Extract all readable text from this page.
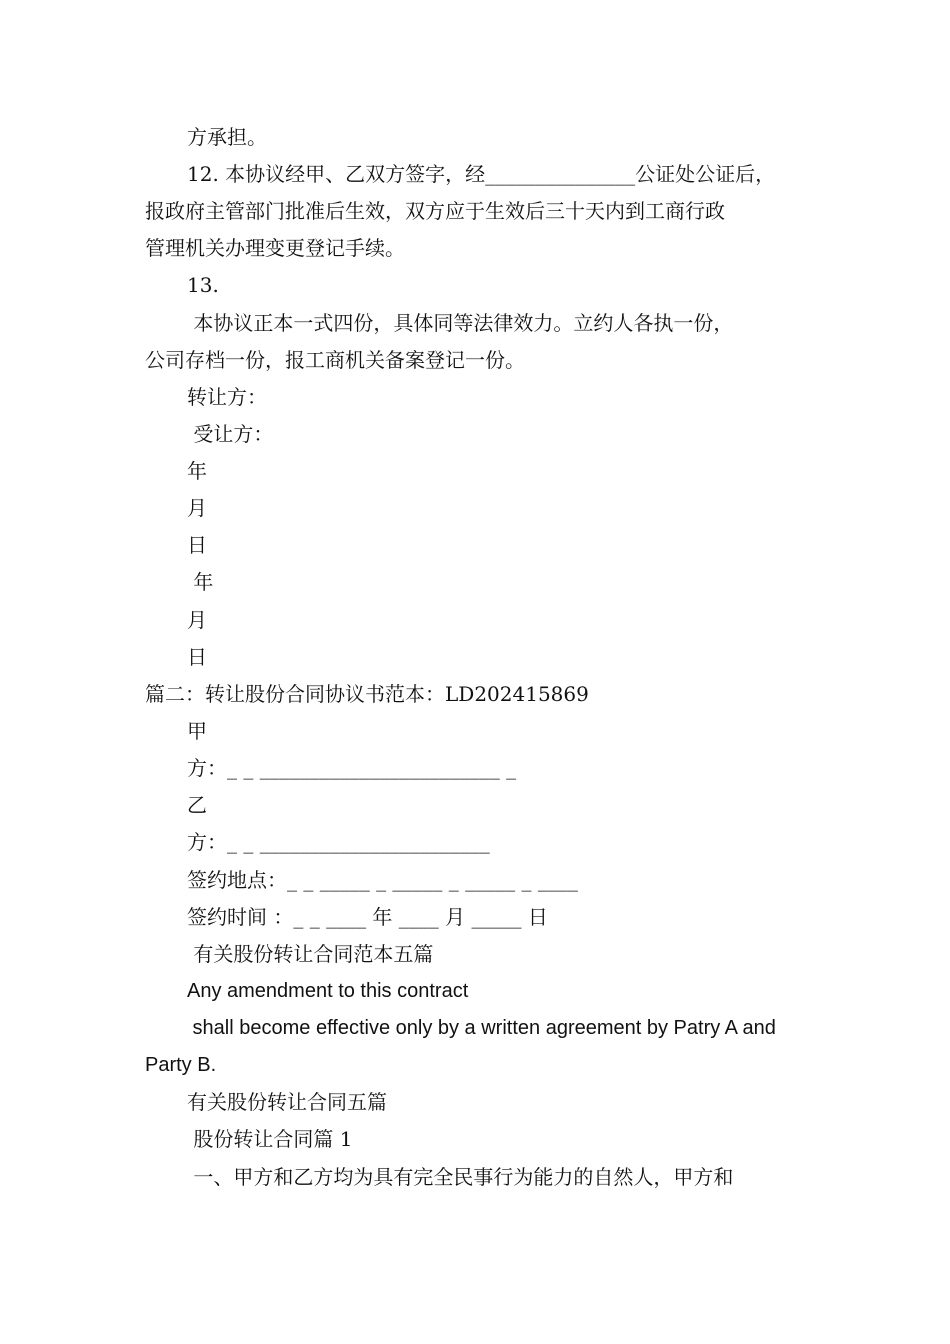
方承担。
12. 本协议经甲、乙双方签字，经_______________公证处公证后，
报政府主管部门批准后生效，双方应于生效后三十天内到工商行政
管理机关办理变更登记手续。
13.
本协议正本一式四份，具体同等法律效力。立约人各执一份，
公司存档一份，报工商机关备案登记一份。
转让方：
受让方：
年
月
日
年
月
日
篇二：转让股份合同协议书范本：LD202415869
甲
方：_ _ ________________________ _
乙
方：_ _ _______________________
签约地点：_ _ _____ _ _____ _ _____ _ ____
签约时间 ：_ _ ____ 年 ____ 月 _____ 日
有关股份转让合同范本五篇
Any amendment to this contract
shall become effective only by a written agreement by Patry A and
Party B.
有关股份转让合同五篇
股份转让合同篇 1
一、甲方和乙方均为具有完全民事行为能力的自然人，甲方和
